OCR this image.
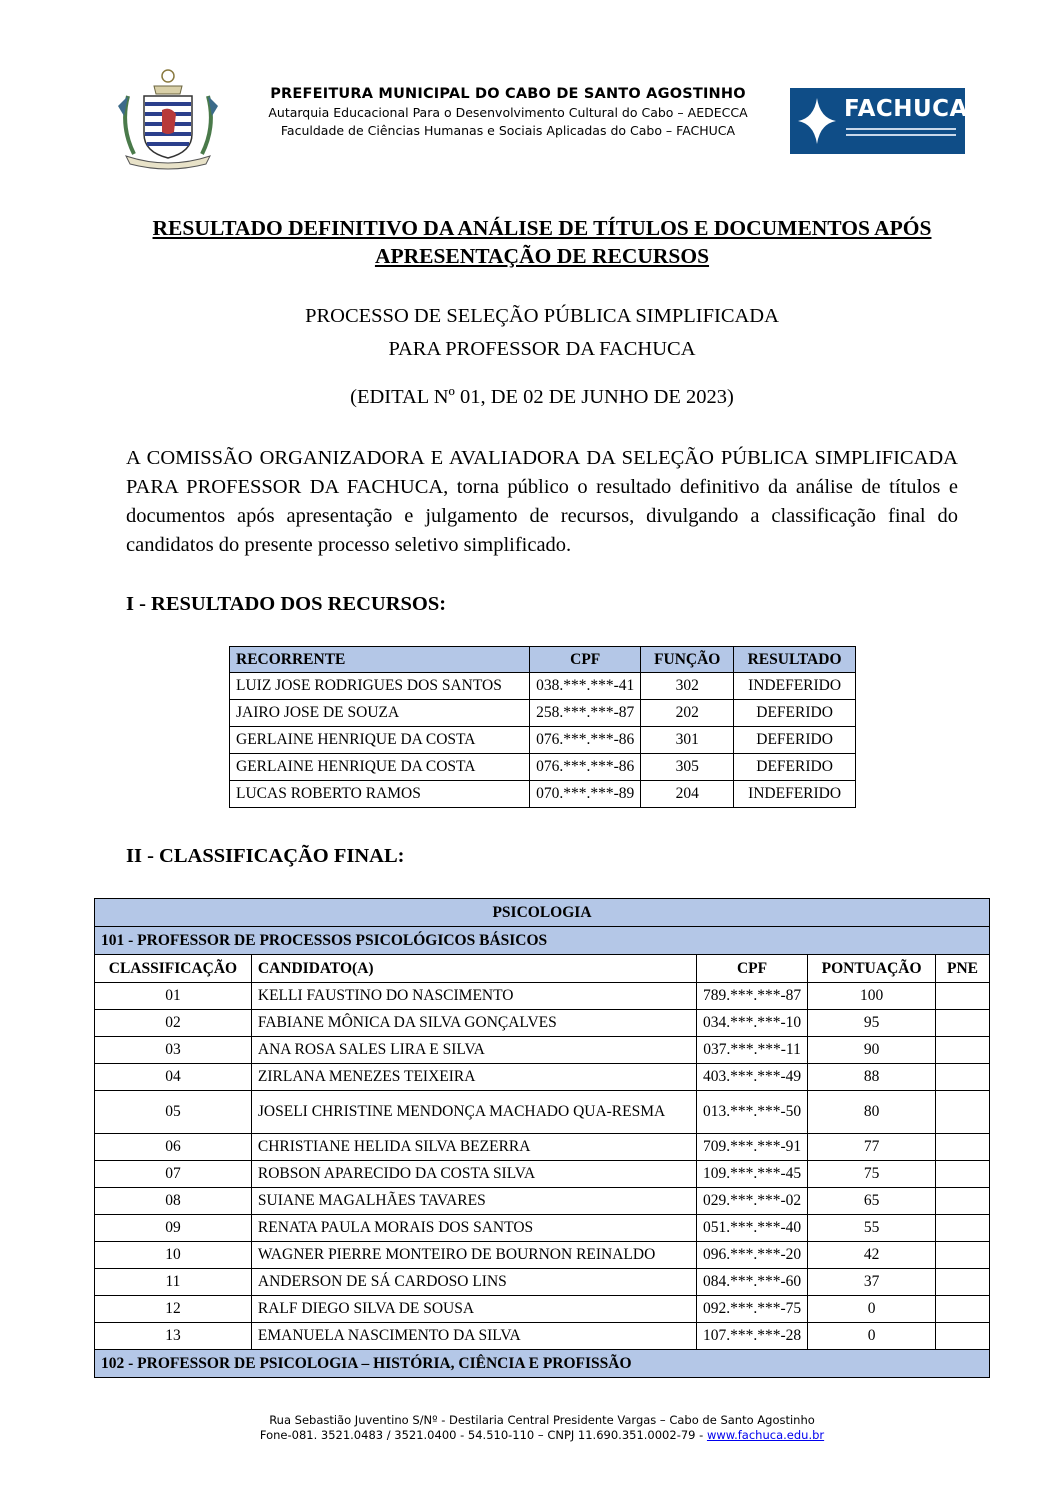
PREFEITURA MUNICIPAL DO CABO DE SANTO AGOSTINHO
Autarquia Educacional Para o Desenvolvimento Cultural do Cabo – AEDECCA
Faculdade de Ciências Humanas e Sociais Aplicadas do Cabo – FACHUCA
FACHUCA
RESULTADO DEFINITIVO DA ANÁLISE DE TÍTULOS E DOCUMENTOS APÓS
APRESENTAÇÃO DE RECURSOS
PROCESSO DE SELEÇÃO PÚBLICA SIMPLIFICADA
PARA PROFESSOR DA FACHUCA
(EDITAL Nº 01, DE 02 DE JUNHO DE 2023)
A COMISSÃO ORGANIZADORA E AVALIADORA DA SELEÇÃO PÚBLICA SIMPLIFICADA PARA PROFESSOR DA FACHUCA, torna público o resultado definitivo da análise de títulos e documentos após apresentação e julgamento de recursos, divulgando a classificação final do candidatos do presente processo seletivo simplificado.
I - RESULTADO DOS RECURSOS:
RECORRENTE	CPF	FUNÇÃO	RESULTADO
LUIZ JOSE RODRIGUES DOS SANTOS	038.***.***-41	302	INDEFERIDO
JAIRO JOSE DE SOUZA	258.***.***-87	202	DEFERIDO
GERLAINE HENRIQUE DA COSTA	076.***.***-86	301	DEFERIDO
GERLAINE HENRIQUE DA COSTA	076.***.***-86	305	DEFERIDO
LUCAS ROBERTO RAMOS	070.***.***-89	204	INDEFERIDO
II - CLASSIFICAÇÃO FINAL:
PSICOLOGIA				
101 - PROFESSOR DE PROCESSOS PSICOLÓGICOS BÁSICOS				
CLASSIFICAÇÃO	CANDIDATO(A)	CPF	PONTUAÇÃO	PNE
01	KELLI FAUSTINO DO NASCIMENTO	789.***.***-87	100	
02	FABIANE MÔNICA DA SILVA GONÇALVES	034.***.***-10	95	
03	ANA ROSA SALES LIRA E SILVA	037.***.***-11	90	
04	ZIRLANA MENEZES TEIXEIRA	403.***.***-49	88	
05	JOSELI CHRISTINE MENDONÇA MACHADO QUA-RESMA	013.***.***-50	80	
06	CHRISTIANE HELIDA SILVA BEZERRA	709.***.***-91	77	
07	ROBSON APARECIDO DA COSTA SILVA	109.***.***-45	75	
08	SUIANE MAGALHÃES TAVARES	029.***.***-02	65	
09	RENATA PAULA MORAIS DOS SANTOS	051.***.***-40	55	
10	WAGNER PIERRE MONTEIRO DE BOURNON REINALDO	096.***.***-20	42	
11	ANDERSON DE SÁ CARDOSO LINS	084.***.***-60	37	
12	RALF DIEGO SILVA DE SOUSA	092.***.***-75	0	
13	EMANUELA NASCIMENTO DA SILVA	107.***.***-28	0	
102 - PROFESSOR DE PSICOLOGIA – HISTÓRIA, CIÊNCIA E PROFISSÃO				
Rua Sebastião Juventino S/Nº - Destilaria Central Presidente Vargas – Cabo de Santo Agostinho
Fone-081. 3521.0483 / 3521.0400 - 54.510-110 – CNPJ 11.690.351.0002-79 - www.fachuca.edu.br
